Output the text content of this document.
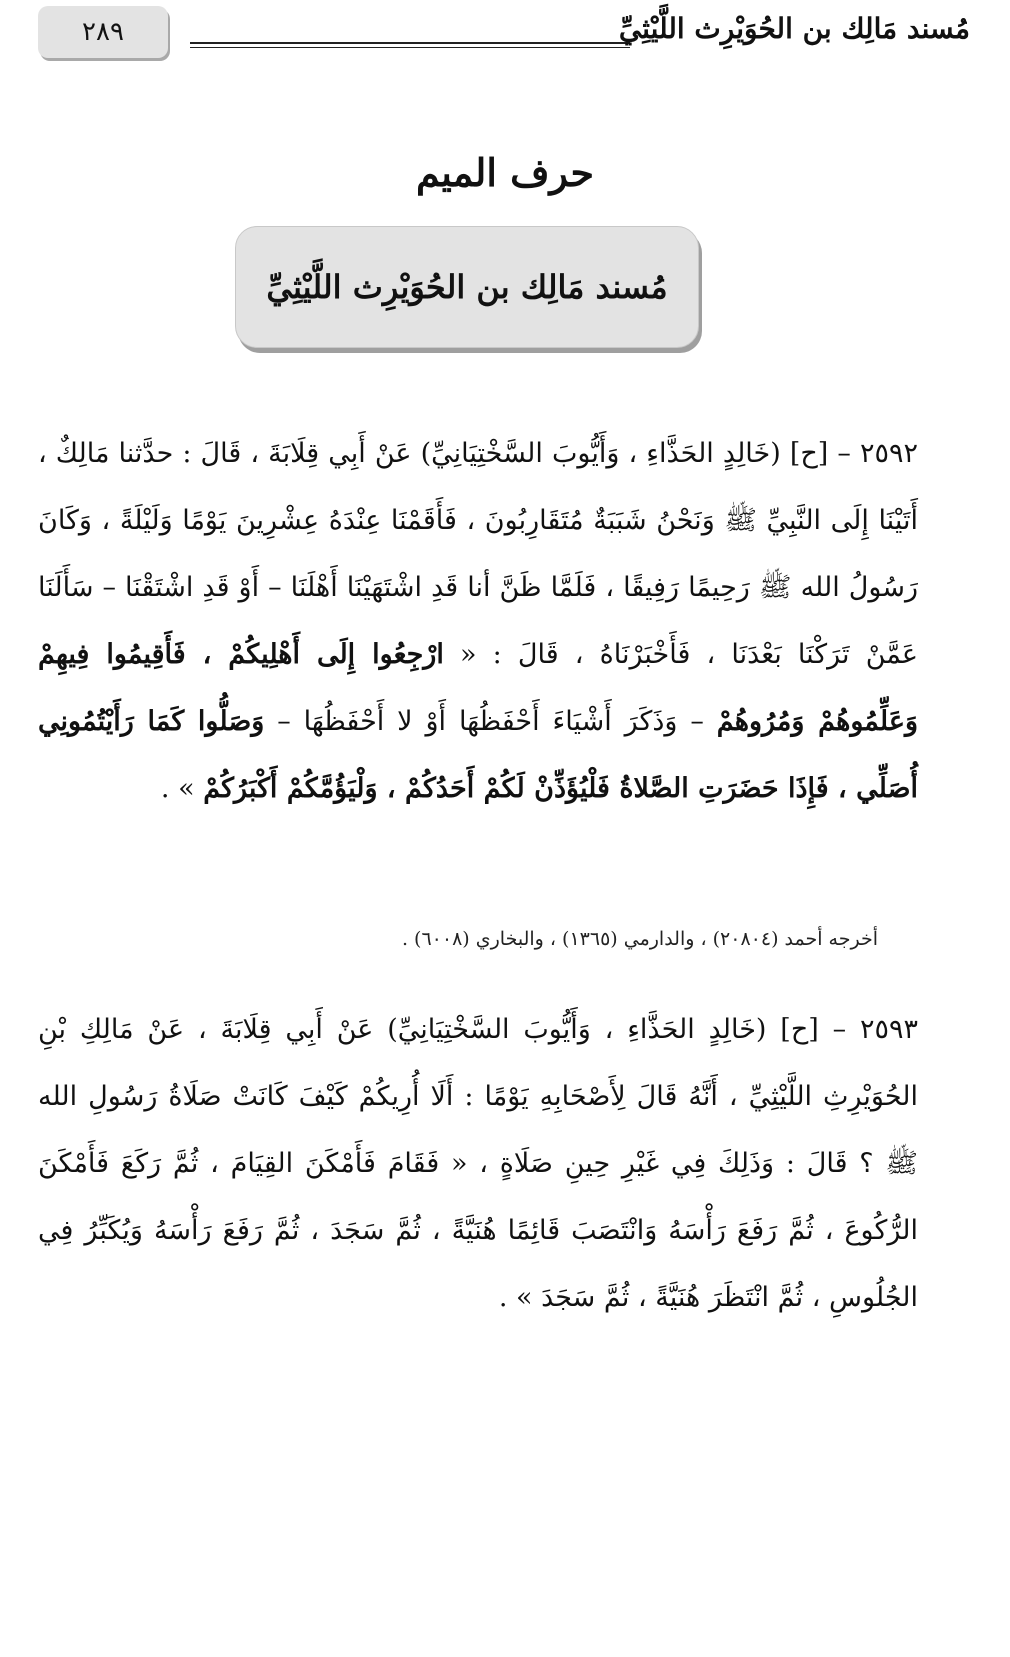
٢٨٩	مُسند مَالِك بن الحُوَيْرِث اللَّيْثِيِّ
حرف الميم
مُسند مَالِك بن الحُوَيْرِث اللَّيْثِيِّ
٢٥٩٢ – [ح] (خَالِدٍ الحَذَّاءِ ، وَأَيُّوبَ السَّخْتِيَانِيِّ) عَنْ أَبِي قِلَابَةَ ، قَالَ : حدَّثنا مَالِكٌ ، أَتَيْنَا إِلَى النَّبِيِّ ﷺ وَنَحْنُ شَبَبَةٌ مُتَقَارِبُونَ ، فَأَقَمْنَا عِنْدَهُ عِشْرِينَ يَوْمًا وَلَيْلَةً ، وَكَانَ رَسُولُ الله ﷺ رَحِيمًا رَفِيقًا ، فَلَمَّا ظَنَّ أنا قَدِ اشْتَهَيْنَا أَهْلَنَا – أَوْ قَدِ اشْتَقْنَا – سَأَلَنَا عَمَّنْ تَرَكْنَا بَعْدَنَا ، فَأَخْبَرْنَاهُ ، قَالَ : « ارْجِعُوا إِلَى أَهْلِيكُمْ ، فَأَقِيمُوا فِيهِمْ وَعَلِّمُوهُمْ وَمُرُوهُمْ – وَذَكَرَ أَشْيَاءَ أَحْفَظُهَا أَوْ لا أَحْفَظُهَا – وَصَلُّوا كَمَا رَأَيْتُمُونِي أُصَلِّي ، فَإِذَا حَضَرَتِ الصَّلاةُ فَلْيُؤَذِّنْ لَكُمْ أَحَدُكُمْ ، وَلْيَؤُمَّكُمْ أَكْبَرُكُمْ » .
أخرجه أحمد (٢٠٨٠٤) ، والدارمي (١٣٦٥) ، والبخاري (٦٠٠٨) .
٢٥٩٣ – [ح] (خَالِدٍ الحَذَّاءِ ، وَأَيُّوبَ السَّخْتِيَانِيِّ) عَنْ أَبِي قِلَابَةَ ، عَنْ مَالِكِ بْنِ الحُوَيْرِثِ اللَّيْثِيِّ ، أَنَّهُ قَالَ لِأَصْحَابِهِ يَوْمًا : أَلَا أُرِيكُمْ كَيْفَ كَانَتْ صَلَاةُ رَسُولِ الله ﷺ ؟ قَالَ : وَذَلِكَ فِي غَيْرِ حِينِ صَلَاةٍ ، « فَقَامَ فَأَمْكَنَ القِيَامَ ، ثُمَّ رَكَعَ فَأَمْكَنَ الرُّكُوعَ ، ثُمَّ رَفَعَ رَأْسَهُ وَانْتَصَبَ قَائِمًا هُنَيَّةً ، ثُمَّ سَجَدَ ، ثُمَّ رَفَعَ رَأْسَهُ وَيُكَبِّرُ فِي الجُلُوسِ ، ثُمَّ انْتَظَرَ هُنَيَّةً ، ثُمَّ سَجَدَ » .
